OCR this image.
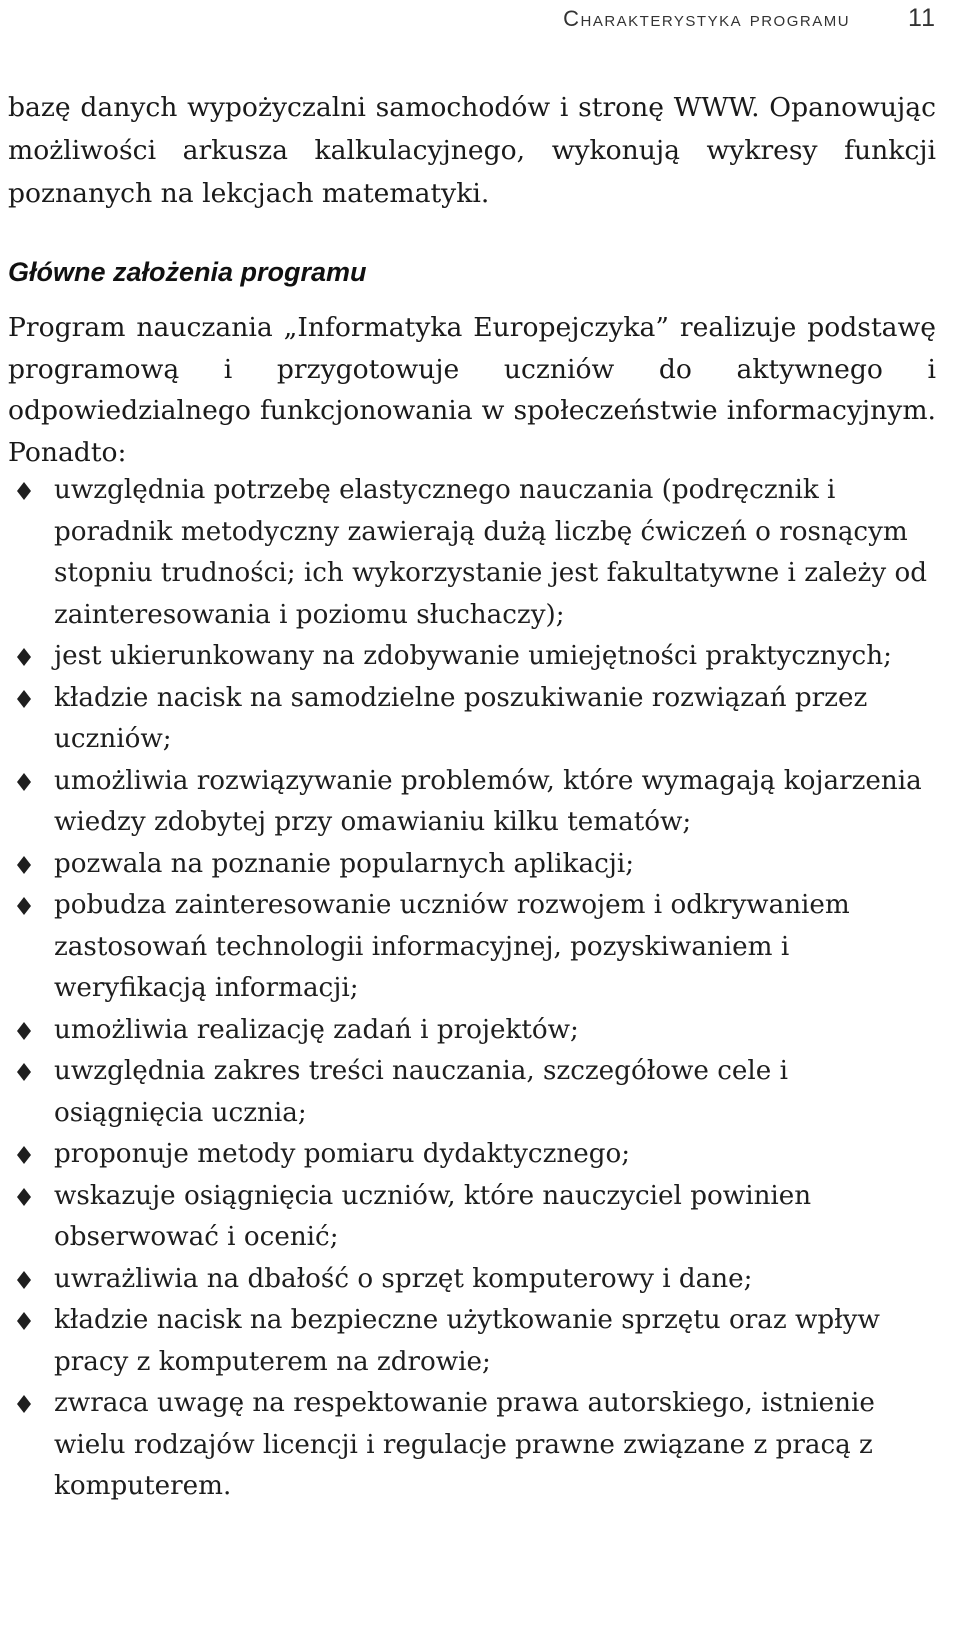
Charakterystyka programu 11

bazę danych wypożyczalni samochodów i stronę WWW. Opanowując możliwości arkusza kalkulacyjnego, wykonują wykresy funkcji poznanych na lekcjach matematyki.

Główne założenia programu

Program nauczania „Informatyka Europejczyka” realizuje podstawę programową i przygotowuje uczniów do aktywnego i odpowiedzialnego funkcjonowania w społeczeństwie informacyjnym. Ponadto:

uwzględnia potrzebę elastycznego nauczania (podręcznik i poradnik metodyczny zawierają dużą liczbę ćwiczeń o rosnącym stopniu trudności; ich wykorzystanie jest fakultatywne i zależy od zainteresowania i poziomu słuchaczy);
jest ukierunkowany na zdobywanie umiejętności praktycznych;
kładzie nacisk na samodzielne poszukiwanie rozwiązań przez uczniów;
umożliwia rozwiązywanie problemów, które wymagają kojarzenia wiedzy zdobytej przy omawianiu kilku tematów;
pozwala na poznanie popularnych aplikacji;
pobudza zainteresowanie uczniów rozwojem i odkrywaniem zastosowań technologii informacyjnej, pozyskiwaniem i weryfikacją informacji;
umożliwia realizację zadań i projektów;
uwzględnia zakres treści nauczania, szczegółowe cele i osiągnięcia ucznia;
proponuje metody pomiaru dydaktycznego;
wskazuje osiągnięcia uczniów, które nauczyciel powinien obserwować i ocenić;
uwrażliwia na dbałość o sprzęt komputerowy i dane;
kładzie nacisk na bezpieczne użytkowanie sprzętu oraz wpływ pracy z komputerem na zdrowie;
zwraca uwagę na respektowanie prawa autorskiego, istnienie wielu rodzajów licencji i regulacje prawne związane z pracą z komputerem.
